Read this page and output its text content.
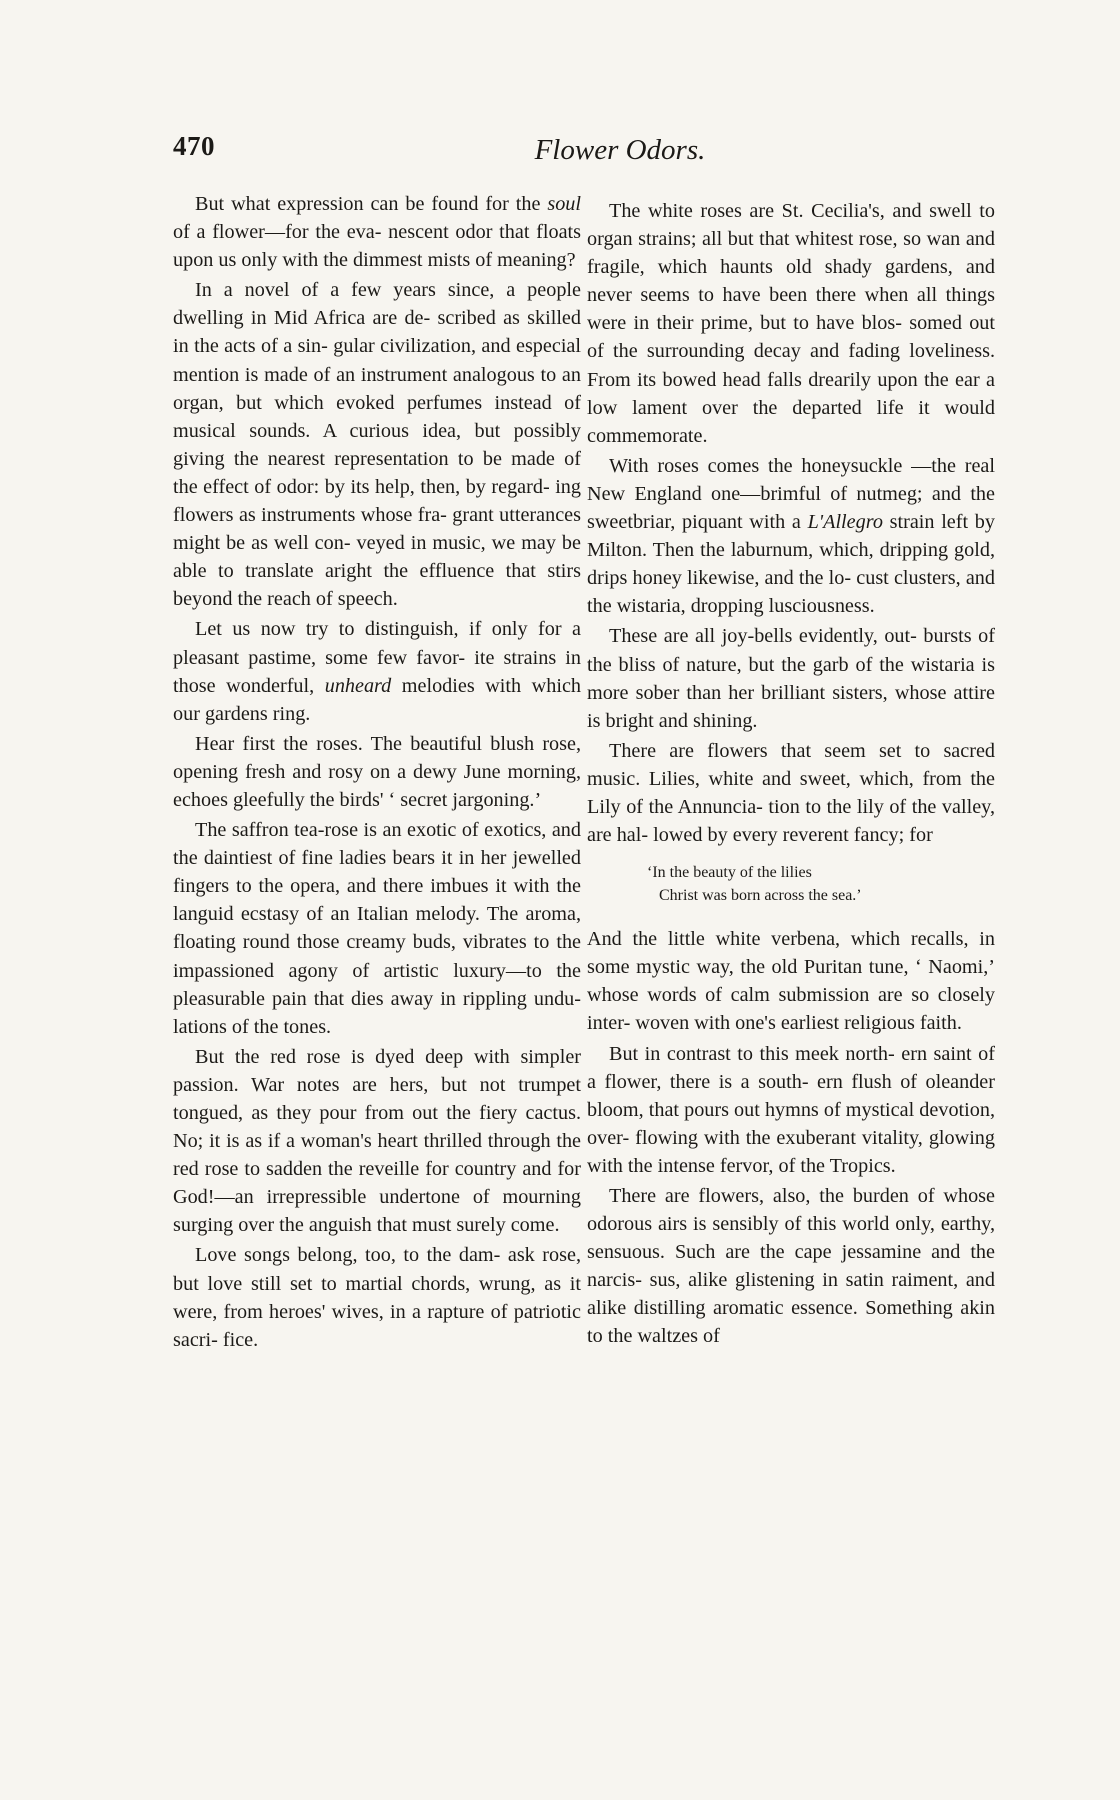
470	Flower Odors.

But what expression can be found for the soul of a flower—for the eva- nescent odor that floats upon us only with the dimmest mists of meaning?

In a novel of a few years since, a people dwelling in Mid Africa are de- scribed as skilled in the acts of a sin- gular civilization, and especial mention is made of an instrument analogous to an organ, but which evoked perfumes instead of musical sounds. A curious idea, but possibly giving the nearest representation to be made of the effect of odor: by its help, then, by regard- ing flowers as instruments whose fra- grant utterances might be as well con- veyed in music, we may be able to translate aright the effluence that stirs beyond the reach of speech.

Let us now try to distinguish, if only for a pleasant pastime, some few favor- ite strains in those wonderful, unheard melodies with which our gardens ring.

Hear first the roses. The beautiful blush rose, opening fresh and rosy on a dewy June morning, echoes gleefully the birds' ‘ secret jargoning.’

The saffron tea-rose is an exotic of exotics, and the daintiest of fine ladies bears it in her jewelled fingers to the opera, and there imbues it with the languid ecstasy of an Italian melody. The aroma, floating round those creamy buds, vibrates to the impassioned agony of artistic luxury—to the pleasurable pain that dies away in rippling undu- lations of the tones.

But the red rose is dyed deep with simpler passion. War notes are hers, but not trumpet tongued, as they pour from out the fiery cactus. No; it is as if a woman's heart thrilled through the red rose to sadden the reveille for country and for God!—an irrepressible undertone of mourning surging over the anguish that must surely come.

Love songs belong, too, to the dam- ask rose, but love still set to martial chords, wrung, as it were, from heroes' wives, in a rapture of patriotic sacri- fice.

The white roses are St. Cecilia's, and swell to organ strains; all but that whitest rose, so wan and fragile, which haunts old shady gardens, and never seems to have been there when all things were in their prime, but to have blos- somed out of the surrounding decay and fading loveliness. From its bowed head falls drearily upon the ear a low lament over the departed life it would commemorate.

With roses comes the honeysuckle —the real New England one—brimful of nutmeg; and the sweetbriar, piquant with a L'Allegro strain left by Milton. Then the laburnum, which, dripping gold, drips honey likewise, and the lo- cust clusters, and the wistaria, dropping lusciousness.

These are all joy-bells evidently, out- bursts of the bliss of nature, but the garb of the wistaria is more sober than her brilliant sisters, whose attire is bright and shining.

There are flowers that seem set to sacred music. Lilies, white and sweet, which, from the Lily of the Annuncia- tion to the lily of the valley, are hal- lowed by every reverent fancy; for

‘In the beauty of the lilies
Christ was born across the sea.’

And the little white verbena, which recalls, in some mystic way, the old Puritan tune, ‘ Naomi,’ whose words of calm submission are so closely inter- woven with one's earliest religious faith.

But in contrast to this meek north- ern saint of a flower, there is a south- ern flush of oleander bloom, that pours out hymns of mystical devotion, over- flowing with the exuberant vitality, glowing with the intense fervor, of the Tropics.

There are flowers, also, the burden of whose odorous airs is sensibly of this world only, earthy, sensuous. Such are the cape jessamine and the narcis- sus, alike glistening in satin raiment, and alike distilling aromatic essence. Something akin to the waltzes of
